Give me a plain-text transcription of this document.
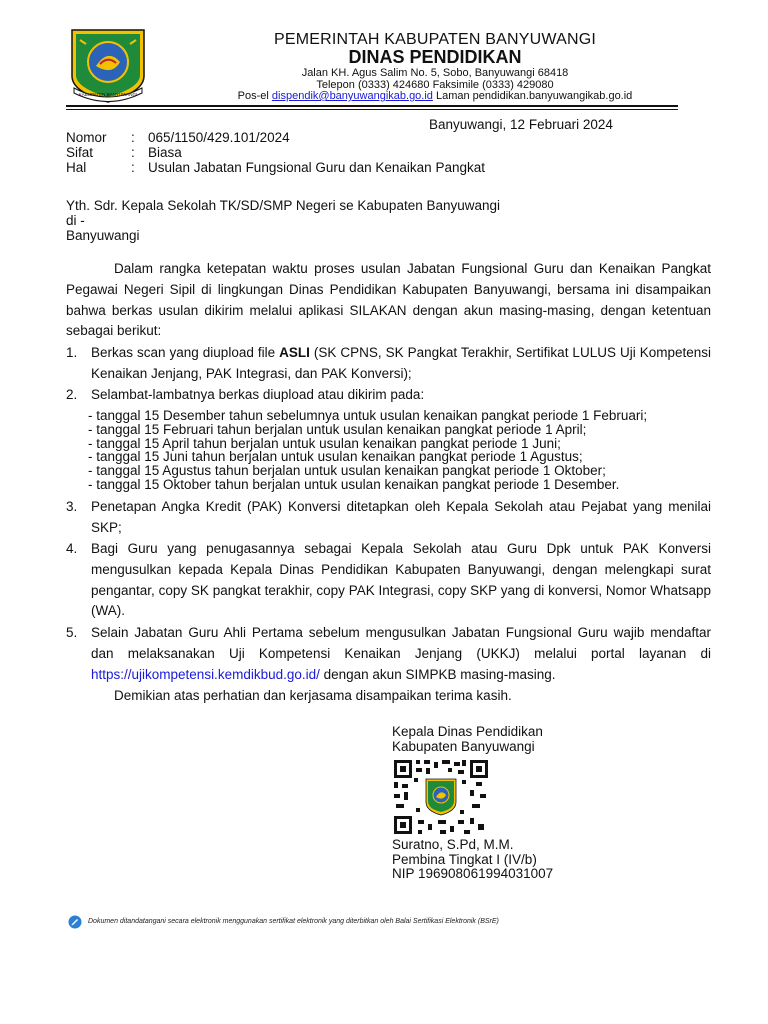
KABUPATEN BANYUWANGI
PEMERINTAH KABUPATEN BANYUWANGI
DINAS PENDIDIKAN
Jalan KH. Agus Salim No. 5, Sobo, Banyuwangi 68418
Telepon (0333) 424680 Faksimile (0333) 429080
Pos-el dispendik@banyuwangikab.go.id Laman pendidikan.banyuwangikab.go.id
Banyuwangi, 12 Februari 2024
Nomor : 065/1150/429.101/2024
Sifat	: Biasa
Hal	: Usulan Jabatan Fungsional Guru dan Kenaikan Pangkat
Yth. Sdr. Kepala Sekolah TK/SD/SMP Negeri se Kabupaten Banyuwangi
di -
Banyuwangi
Dalam rangka ketepatan waktu proses usulan Jabatan Fungsional Guru dan Kenaikan Pangkat Pegawai Negeri Sipil di lingkungan Dinas Pendidikan Kabupaten Banyuwangi, bersama ini disampaikan bahwa berkas usulan dikirim melalui aplikasi SILAKAN dengan akun masing-masing, dengan ketentuan sebagai berikut:
1. Berkas scan yang diupload file ASLI (SK CPNS, SK Pangkat Terakhir, Sertifikat LULUS Uji Kompetensi Kenaikan Jenjang, PAK Integrasi, dan PAK Konversi);
2. Selambat-lambatnya berkas diupload atau dikirim pada:
- tanggal 15 Desember tahun sebelumnya untuk usulan kenaikan pangkat periode 1 Februari;
- tanggal 15 Februari tahun berjalan untuk usulan kenaikan pangkat periode 1 April;
- tanggal 15 April tahun berjalan untuk usulan kenaikan pangkat periode 1 Juni;
- tanggal 15 Juni tahun berjalan untuk usulan kenaikan pangkat periode 1 Agustus;
- tanggal 15 Agustus tahun berjalan untuk usulan kenaikan pangkat periode 1 Oktober;
- tanggal 15 Oktober tahun berjalan untuk usulan kenaikan pangkat periode 1 Desember.
3. Penetapan Angka Kredit (PAK) Konversi ditetapkan oleh Kepala Sekolah atau Pejabat yang menilai SKP;
4. Bagi Guru yang penugasannya sebagai Kepala Sekolah atau Guru Dpk untuk PAK Konversi mengusulkan kepada Kepala Dinas Pendidikan Kabupaten Banyuwangi, dengan melengkapi surat pengantar, copy SK pangkat terakhir, copy PAK Integrasi, copy SKP yang di konversi, Nomor Whatsapp (WA).
5. Selain Jabatan Guru Ahli Pertama sebelum mengusulkan Jabatan Fungsional Guru wajib mendaftar dan melaksanakan Uji Kompetensi Kenaikan Jenjang (UKKJ) melalui portal layanan di https://ujikompetensi.kemdikbud.go.id/ dengan akun SIMPKB masing-masing.
Demikian atas perhatian dan kerjasama disampaikan terima kasih.
Kepala Dinas Pendidikan
Kabupaten Banyuwangi
Suratno, S.Pd, M.M.
Pembina Tingkat I (IV/b)
NIP 196908061994031007
Dokumen ditandatangani secara elektronik menggunakan sertifikat elektronik yang diterbitkan oleh Balai Sertifikasi Elektronik (BSrE)
